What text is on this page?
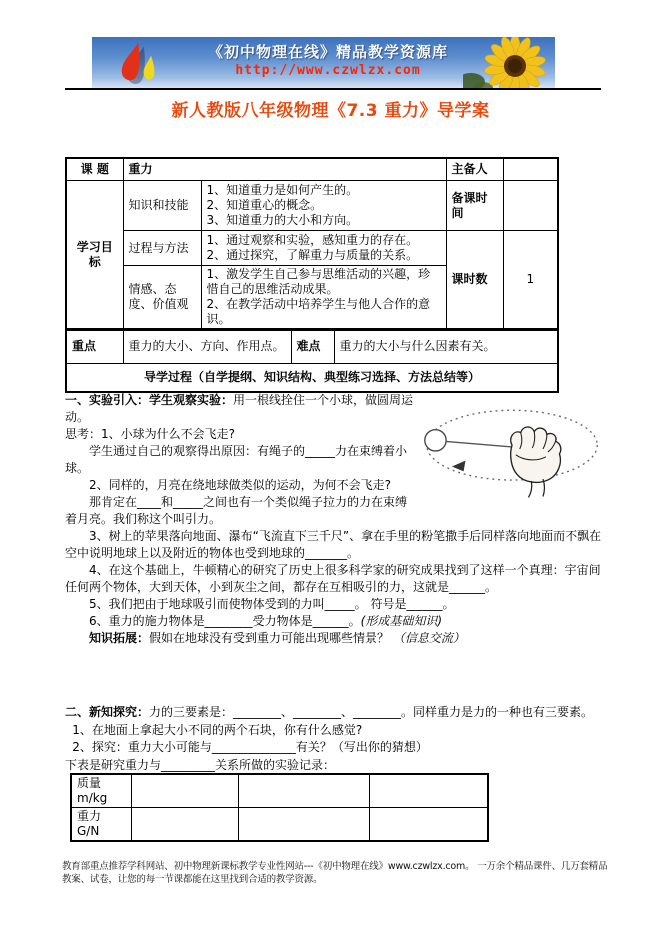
《初中物理在线》精品教学资源库
http://www.czwlzx.com
新人教版八年级物理《7.3 重力》导学案
课 题	重力		主备人	
学习目标	知识和技能	1、知道重力是如何产生的。
2、知道重心的概念。
3、知道重力的大小和方向。	备课时间	
	过程与方法	1、通过观察和实验，感知重力的存在。
2、通过探究，了解重力与质量的关系。	课时数	1
	情感、态度、价值观	1、激发学生自己参与思维活动的兴趣，珍惜自己的思维活动成果。
2、在教学活动中培养学生与他人合作的意识。		
重点	重力的大小、方向、作用点。	难点	重力的大小与什么因素有关。
导学过程（自学提纲、知识结构、典型练习选择、方法总结等）

一、实验引入：学生观察实验：用一根线拴住一个小球，做圆周运动。

思考：1、小球为什么不会飞走?

学生通过自己的观察得出原因：有绳子的_____力在束缚着小球。

2、同样的，月亮在绕地球做类似的运动，为何不会飞走?

那肯定在____和_____之间也有一个类似绳子拉力的力在束缚着月亮。我们称这个叫引力。

3、树上的苹果落向地面、瀑布“飞流直下三千尺”、拿在手里的粉笔撒手后同样落向地面而不飘在空中说明地球上以及附近的物体也受到地球的_______。

4、在这个基础上，牛顿精心的研究了历史上很多科学家的研究成果找到了这样一个真理：宇宙间任何两个物体，大到天体，小到灰尘之间，都存在互相吸引的力，这就是______。

5、我们把由于地球吸引而使物体受到的力叫_____。 符号是______。

6、重力的施力物体是________受力物体是______。(形成基础知识)

知识拓展：假如在地球没有受到重力可能出现哪些情景？ （信息交流）

二、新知探究：力的三要素是：________、________、________。同样重力是力的一种也有三要素。

1、在地面上拿起大小不同的两个石块，你有什么感觉?

2、探究：重力大小可能与______________有关？（写出你的猜想）

下表是研究重力与_________关系所做的实验记录：

质量 m/kg			
重力 G/N			
教育部重点推荐学科网站、初中物理新课标教学专业性网站---《初中物理在线》www.czwlzx.com。 一万余个精品课件、几万套精品教案、试卷，让您的每一节课都能在这里找到合适的教学资源。
